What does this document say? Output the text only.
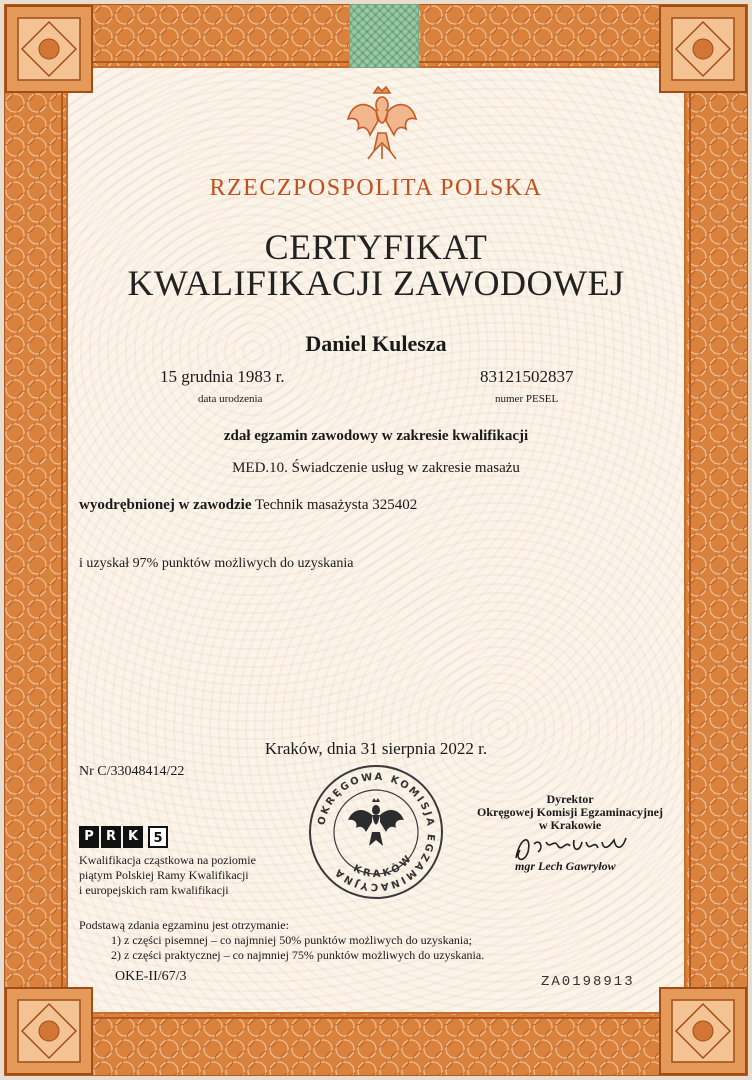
RZECZPOSPOLITA POLSKA
CERTYFIKAT
KWALIFIKACJI ZAWODOWEJ
Daniel Kulesza
15 grudnia 1983 r.
data urodzenia
83121502837
numer PESEL
zdał egzamin zawodowy w zakresie kwalifikacji
MED.10. Świadczenie usług w zakresie masażu
wyodrębnionej w zawodzie Technik masażysta 325402
i uzyskał 97% punktów możliwych do uzyskania
Kraków, dnia 31 sierpnia 2022 r.
Nr C/33048414/22
OKRĘGOWA KOMISJA EGZAMINACYJNA KRAKÓW
Dyrektor
Okręgowej Komisji Egzaminacyjnej
w Krakowie
mgr Lech Gawryłow
P R K	5
Kwalifikacja cząstkowa na poziomie
piątym Polskiej Ramy Kwalifikacji
i europejskich ram kwalifikacji
Podstawą zdania egzaminu jest otrzymanie:
1) z części pisemnej – co najmniej 50% punktów możliwych do uzyskania;
2) z części praktycznej – co najmniej 75% punktów możliwych do uzyskania.
OKE-II/67/3	ZA0198913
